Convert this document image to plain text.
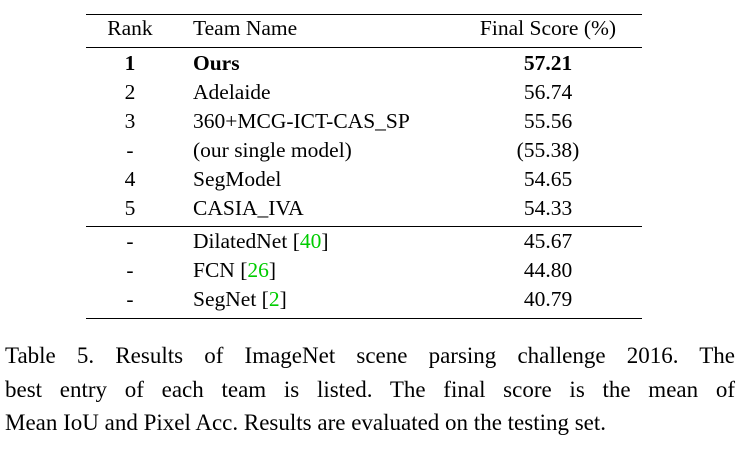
Rank	Team Name	Final Score (%)
1	Ours	57.21
2	Adelaide	56.74
3	360+MCG-ICT-CAS_SP	55.56
-	(our single model)	(55.38)
4	SegModel	54.65
5	CASIA_IVA	54.33
-	DilatedNet [40]	45.67
-	FCN [26]	44.80
-	SegNet [2]	40.79
Table 5. Results of ImageNet scene parsing challenge 2016. The
best entry of each team is listed. The final score is the mean of
Mean IoU and Pixel Acc. Results are evaluated on the testing set.
